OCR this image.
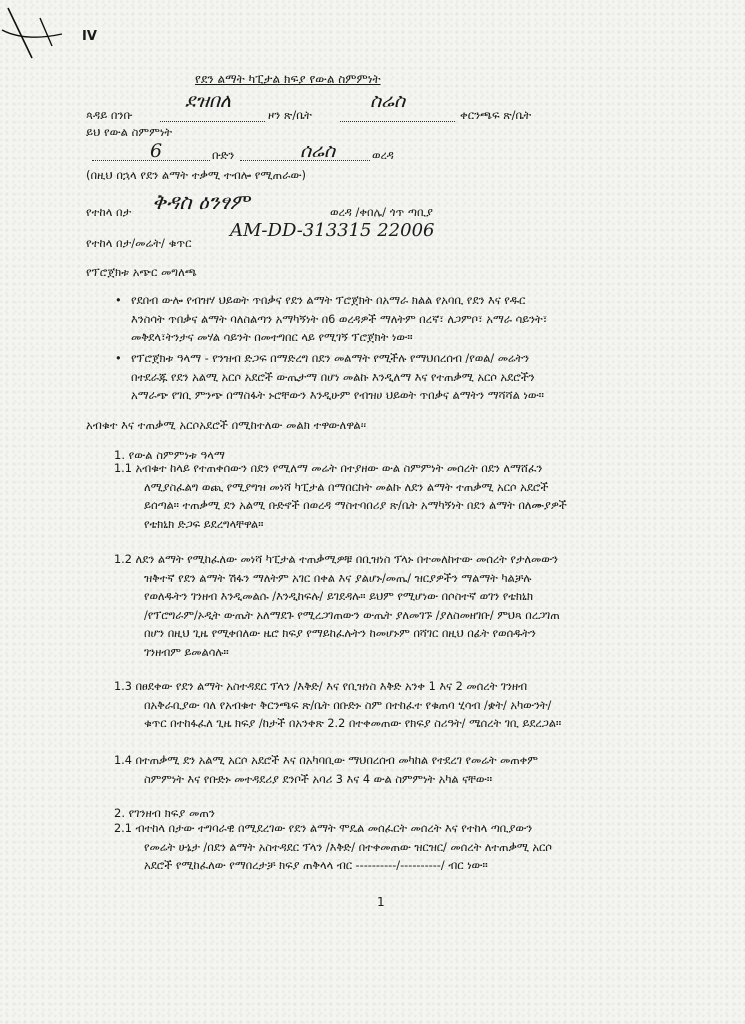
IV
የደን ልማት ካፒታል ክፍያ የውል ስምምነት
ጳዳይ በንቡ
ደዝበለ
ዞን ጽ/ቤት
ስሬስ
ቀርንጫፍ ጽ/ቤት
ይህ የውል ስምምነት
6	ቡድን	ሰሬስ	ወረዳ
(በዚህ በኋላ የደን ልማት ተቃሚ ተብሎ የሚጠራው)
የተከላ በታ ቅዳስ ዕንፃም	ወረዳ /ቀበሌ/ ጎጥ ጣቢያ
የተከላ በታ/መሬት/ ቁጥር
AM-DD-313315 22006
የፕሮጀክቱ አጭር መግለጫ

• የደበብ ውሎ የብዝሃ ህይወት ጥበቃና የደን ልማት ፕሮጀክት በአማራ ክልል የአባቢ የደን እና የዱር

እንስሳት ጥበቃና ልማት ባለስልጣን አማካኝነት በ6 ወረዳዎች ማለትም በረኛ፣ ለጋምቦ፣ አማራ ሳይንት፣

መቅደላ፣ትንታና መሃል ሳይንት በመተግበር ላይ የሚገኝ ፕሮጀክት ነው።

• የፕሮጀክቱ ዓላማ - የንዝብ ድጋፍ በማድረግ በደን መልማት የሚችሉ የማህበረሰብ /የወል/ መሬትን

በተደራጁ የደን አልሚ አርሶ አደሮች ውጤታማ በሆነ መልኩ እንዲለማ እና የተጠቃሚ አርሶ አደሮችን

አማራጭ የገቢ ምንጭ በማስፋት ኑሮቸውን እንዲሁም የብዝሀ ህይወት ጥበቃና ልማትን ማሻሻል ነው።

አብቁተ እና ተጠቃሚ አርሶአደሮች በሚከተለው መልክ ተዋውለዋል፡፡
1. የውል ስምምነቱ ዓላማ

1.1 አብቁተ ከላይ የተጠቀሰውን በደን የሚለማ መሬት በተያዘው ውል ስምምነት መሰረት በደን ለማሸፈን

ለሚያስፈልግ ወጪ የሚያግዝ መነሻ ካፒታል በማበርከት መልኩ ለደን ልማት ተጠቃሚ አርሶ አደሮች

ይሰጣል። ተጠቃሚ ደን አልሚ ቡድኖች በወረዳ ማስተባበሪያ ጽ/ቤት አማካኝነት በደን ልማት በለሙያዎች

የቴክኒክ ድጋፍ ይደረግላቸዋል።

1.2 ለደን ልማት የሚከፈለው መነሻ ካፒታል ተጠቃሚዎቹ በቢዝነስ ፕላኑ በተመለከተው መሰረት የታለመውን

ዝቅተኛ የደን ልማት ሽፋን ማለትም አገር በቀል እና ያልሆኑ/መጤ/ ዝርያዎችን ማልማት ካልቻሉ

የወለዱትን ገንዘብ እንዲመልሱ /እንዲከፍሉ/ ይገደዳሉ። ይህም የሚሆነው በሶስተኛ ወገን የቴክኒክ

/የፕሮግራም/ኦዲት ውጤት አለማደጉ የሚረጋገጠውን ውጤት ያለመገኙ /ያለስመዘገቡ/ ምህጻ በረጋገጠ

በሆን በዚህ ጊዜ የሚቀበለው ዜሮ ክፍያ የማይከፈሉትን ከመሆኑም በሻገር በዚህ በፊት የወሰዱትን

ገንዘብም ይመልሳሉ።

1.3 በፀደቀው የደን ልማት አስተዳደር ፕላን /እቅድ/ እና የቢዝነስ እቅድ አንቀ 1 እና 2 መሰረት ገንዘብ

በአቅራቢያው ባለ የአብቁተ ቅርንጫፍ ጽ/ቤት በቡድኑ ስም በተከፈተ የቁጠባ ሂሳብ /ቋት/ አካውንት/

ቁጥር በተከፋፈለ ጊዜ ክፍያ /ከታች በአንቀጽ 2.2 በተቀመጠው የክፍያ ስሪዓት/ ሜሰረት ገቢ ይደረጋል።

1.4 በተጠቃሚ ደን አልሚ አርሶ አደሮች እና በአካባቢው ማህበረሰብ መካከል የተደረገ የመሬት መጠቀም

ስምምነት እና የቡድኑ መተዳደሪያ ደንቦች አባሪ 3 እና 4 ውል ስምምነት አካል ናቸው።

2. የገንዘብ ክፍያ መጠን

2.1 ብተከላ በታው ተግባራዊ በሚደረገው የደን ልማት ሞዴል መሰፈርት መሰረት እና የተከላ ጣቢያውን

የመሬት ሁኔታ /በደን ልማት አስተዳደር ፕላን /እቅድ/ በተቀመጠው ዝርዝር/ መሰረት ለተጠቃሚ አርሶ

አደሮች የሚከፈለው የማበረታቻ ክፍያ ጠቅላላ ብር ----------/----------/ ብር ነው።

1
